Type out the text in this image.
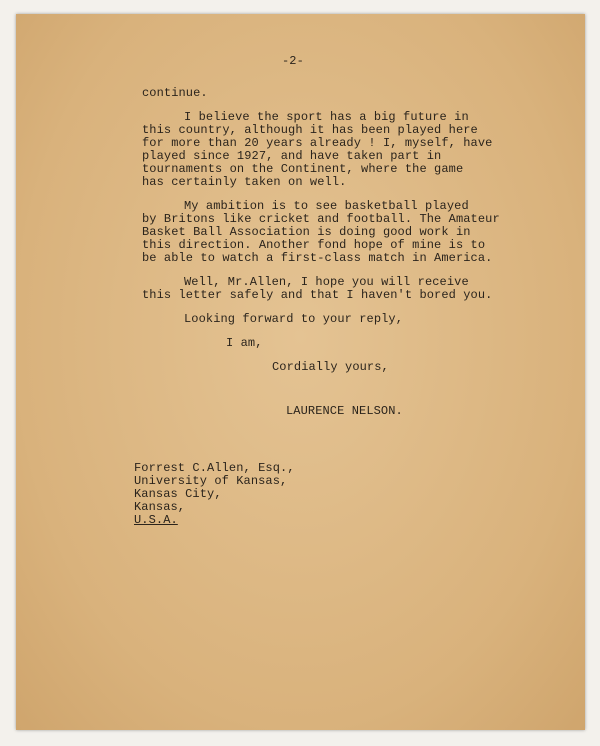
-2-
continue.
I believe the sport has a big future in
this country, although it has been played here
for more than 20 years already ! I, myself, have
played since 1927, and have taken part in
tournaments on the Continent, where the game
has certainly taken on well.
My ambition is to see basketball played
by Britons like cricket and football. The Amateur
Basket Ball Association is doing good work in
this direction. Another fond hope of mine is to
be able to watch a first-class match in America.
Well, Mr.Allen, I hope you will receive
this letter safely and that I haven't bored you.
Looking forward to your reply,
I am,
Cordially yours,
LAURENCE NELSON.
Forrest C.Allen, Esq.,
University of Kansas,
Kansas City,
Kansas,
U.S.A.
